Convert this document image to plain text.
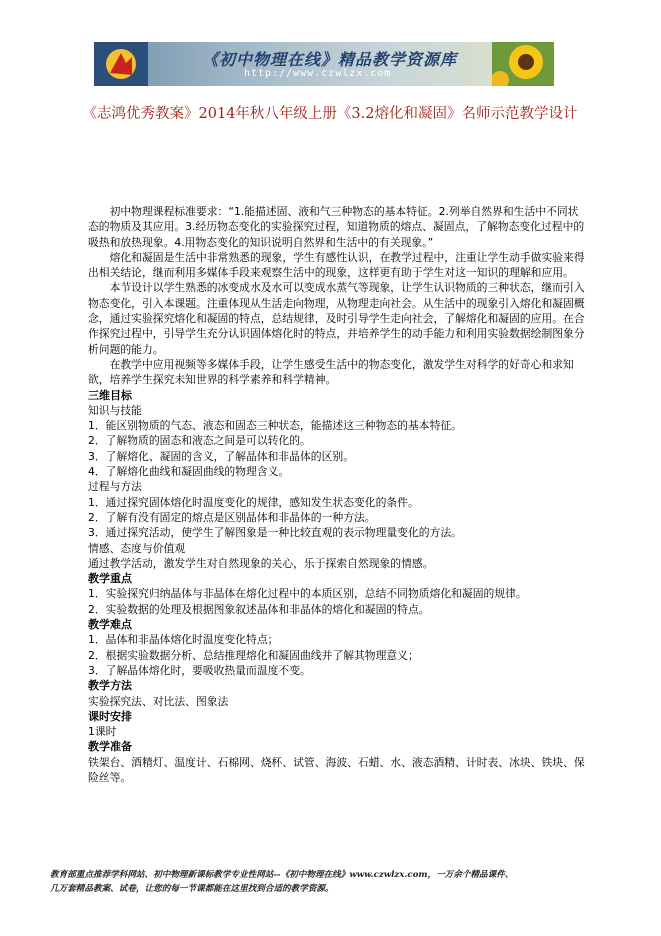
《初中物理在线》精品教学资源库
http://www.czwlzx.com
《志鸿优秀教案》2014年秋八年级上册《3.2熔化和凝固》名师示范教学设计

初中物理课程标准要求：“1.能描述固、液和气三种物态的基本特征。2.列举自然界和生活中不同状态的物质及其应用。3.经历物态变化的实验探究过程，知道物质的熔点、凝固点，了解物态变化过程中的吸热和放热现象。4.用物态变化的知识说明自然界和生活中的有关现象。”

熔化和凝固是生活中非常熟悉的现象，学生有感性认识，在教学过程中，注重让学生动手做实验来得出相关结论，继而利用多媒体手段来观察生活中的现象，这样更有助于学生对这一知识的理解和应用。

本节设计以学生熟悉的冰变成水及水可以变成水蒸气等现象，让学生认识物质的三种状态，继而引入物态变化，引入本课题。注重体现从生活走向物理，从物理走向社会。从生活中的现象引入熔化和凝固概念，通过实验探究熔化和凝固的特点，总结规律，及时引导学生走向社会，了解熔化和凝固的应用。在合作探究过程中，引导学生充分认识固体熔化时的特点，并培养学生的动手能力和利用实验数据绘制图象分析问题的能力。

在教学中应用视频等多媒体手段，让学生感受生活中的物态变化，激发学生对科学的好奇心和求知欲，培养学生探究未知世界的科学素养和科学精神。

三维目标

知识与技能

1．能区别物质的气态、液态和固态三种状态，能描述这三种物态的基本特征。

2．了解物质的固态和液态之间是可以转化的。

3．了解熔化、凝固的含义，了解晶体和非晶体的区别。

4．了解熔化曲线和凝固曲线的物理含义。

过程与方法

1．通过探究固体熔化时温度变化的规律，感知发生状态变化的条件。

2．了解有没有固定的熔点是区别晶体和非晶体的一种方法。

3．通过探究活动，使学生了解图象是一种比较直观的表示物理量变化的方法。

情感、态度与价值观

通过教学活动，激发学生对自然现象的关心，乐于探索自然现象的情感。

教学重点

1．实验探究归纳晶体与非晶体在熔化过程中的本质区别，总结不同物质熔化和凝固的规律。

2．实验数据的处理及根据图象叙述晶体和非晶体的熔化和凝固的特点。

教学难点

1．晶体和非晶体熔化时温度变化特点；

2．根据实验数据分析、总结推理熔化和凝固曲线并了解其物理意义；

3．了解晶体熔化时，要吸收热量而温度不变。

教学方法

实验探究法、对比法、图象法

课时安排

1课时

教学准备

铁架台、酒精灯、温度计、石棉网、烧杯、试管、海波、石蜡、水、液态酒精、计时表、冰块、铁块、保险丝等。

教育部重点推荐学科网站、初中物理新课标教学专业性网站--《初中物理在线》www.czwlzx.com，一万余个精品课件、
几万套精品教案、试卷，让您的每一节课都能在这里找到合适的教学资源。
